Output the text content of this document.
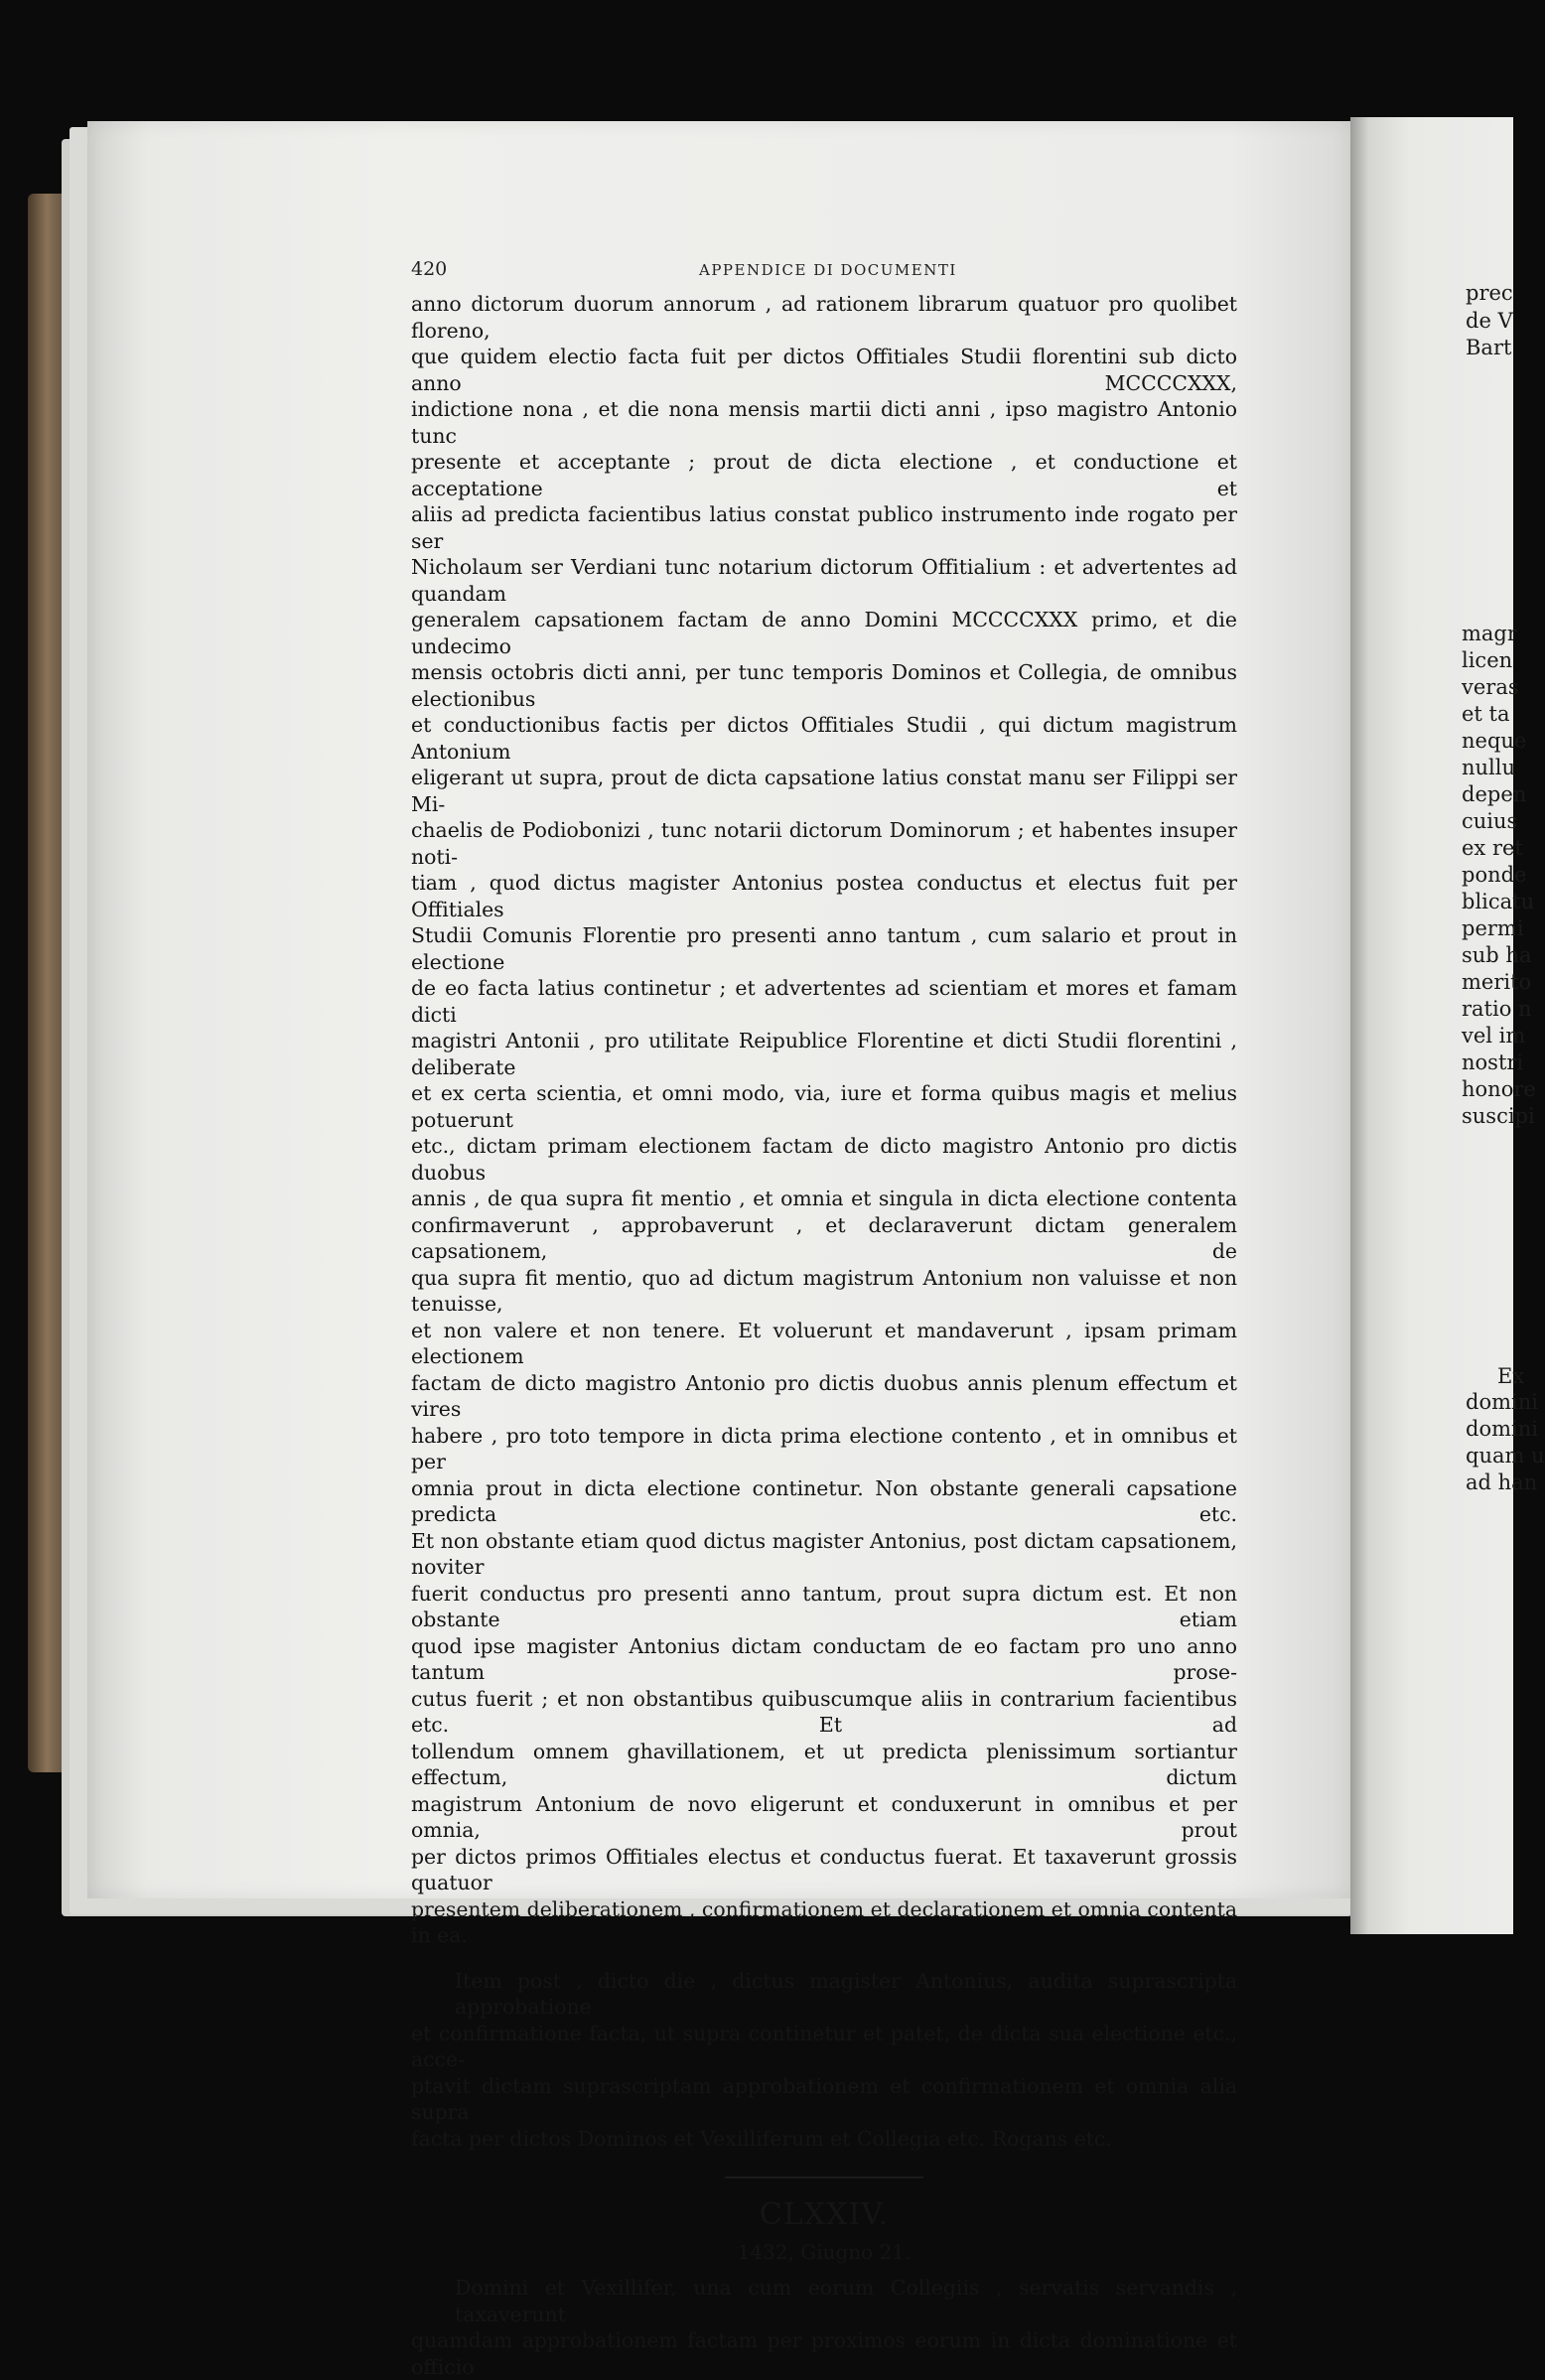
420	APPENDICE DI DOCUMENTI
anno dictorum duorum annorum , ad rationem librarum quatuor pro quolibet floreno,
que quidem electio facta fuit per dictos Offitiales Studii florentini sub dicto anno MCCCCXXX,
indictione nona , et die nona mensis martii dicti anni , ipso magistro Antonio tunc
presente et acceptante ; prout de dicta electione , et conductione et acceptatione et
aliis ad predicta facientibus latius constat publico instrumento inde rogato per ser
Nicholaum ser Verdiani tunc notarium dictorum Offitialium : et advertentes ad quandam
generalem capsationem factam de anno Domini MCCCCXXX primo, et die undecimo
mensis octobris dicti anni, per tunc temporis Dominos et Collegia, de omnibus electionibus
et conductionibus factis per dictos Offitiales Studii , qui dictum magistrum Antonium
eligerant ut supra, prout de dicta capsatione latius constat manu ser Filippi ser Mi-
chaelis de Podiobonizi , tunc notarii dictorum Dominorum ; et habentes insuper noti-
tiam , quod dictus magister Antonius postea conductus et electus fuit per Offitiales
Studii Comunis Florentie pro presenti anno tantum , cum salario et prout in electione
de eo facta latius continetur ; et advertentes ad scientiam et mores et famam dicti
magistri Antonii , pro utilitate Reipublice Florentine et dicti Studii florentini , deliberate
et ex certa scientia, et omni modo, via, iure et forma quibus magis et melius potuerunt
etc., dictam primam electionem factam de dicto magistro Antonio pro dictis duobus
annis , de qua supra fit mentio , et omnia et singula in dicta electione contenta
confirmaverunt , approbaverunt , et declaraverunt dictam generalem capsationem, de
qua supra fit mentio, quo ad dictum magistrum Antonium non valuisse et non tenuisse,
et non valere et non tenere. Et voluerunt et mandaverunt , ipsam primam electionem
factam de dicto magistro Antonio pro dictis duobus annis plenum effectum et vires
habere , pro toto tempore in dicta prima electione contento , et in omnibus et per
omnia prout in dicta electione continetur. Non obstante generali capsatione predicta etc.
Et non obstante etiam quod dictus magister Antonius, post dictam capsationem, noviter
fuerit conductus pro presenti anno tantum, prout supra dictum est. Et non obstante etiam
quod ipse magister Antonius dictam conductam de eo factam pro uno anno tantum prose-
cutus fuerit ; et non obstantibus quibuscumque aliis in contrarium facientibus etc. Et ad
tollendum omnem ghavillationem, et ut predicta plenissimum sortiantur effectum, dictum
magistrum Antonium de novo eligerunt et conduxerunt in omnibus et per omnia, prout
per dictos primos Offitiales electus et conductus fuerat. Et taxaverunt grossis quatuor
presentem deliberationem , confirmationem et declarationem et omnia contenta in ea.
Item post , dicto die , dictus magister Antonius, audita suprascripta approbatione
et confirmatione facta, ut supra continetur et patet, de dicta sua electione etc., acce-
ptavit dictam suprascriptam approbationem et confirmationem et omnia alia supra
facta per dictos Dominos et Vexilliferum et Collegia etc. Rogans etc.
CLXXIV.
1432, Giugno 21.
Domini et Vexillifer, una cum eorum Collegiis , servatis servandis , taxaverunt
quamdam approbationem factam per proximos eorum in dicta dominatione et officio
prec
de V
Bart
magr
licen
veras
et ta
neque
nullu
depen
cuius
ex ret
ponde
blicatu
permi
sub ha
merito
ratio n
vel im
nostri
honore
suscipi
Ex
domini
domini
quam u
ad han
